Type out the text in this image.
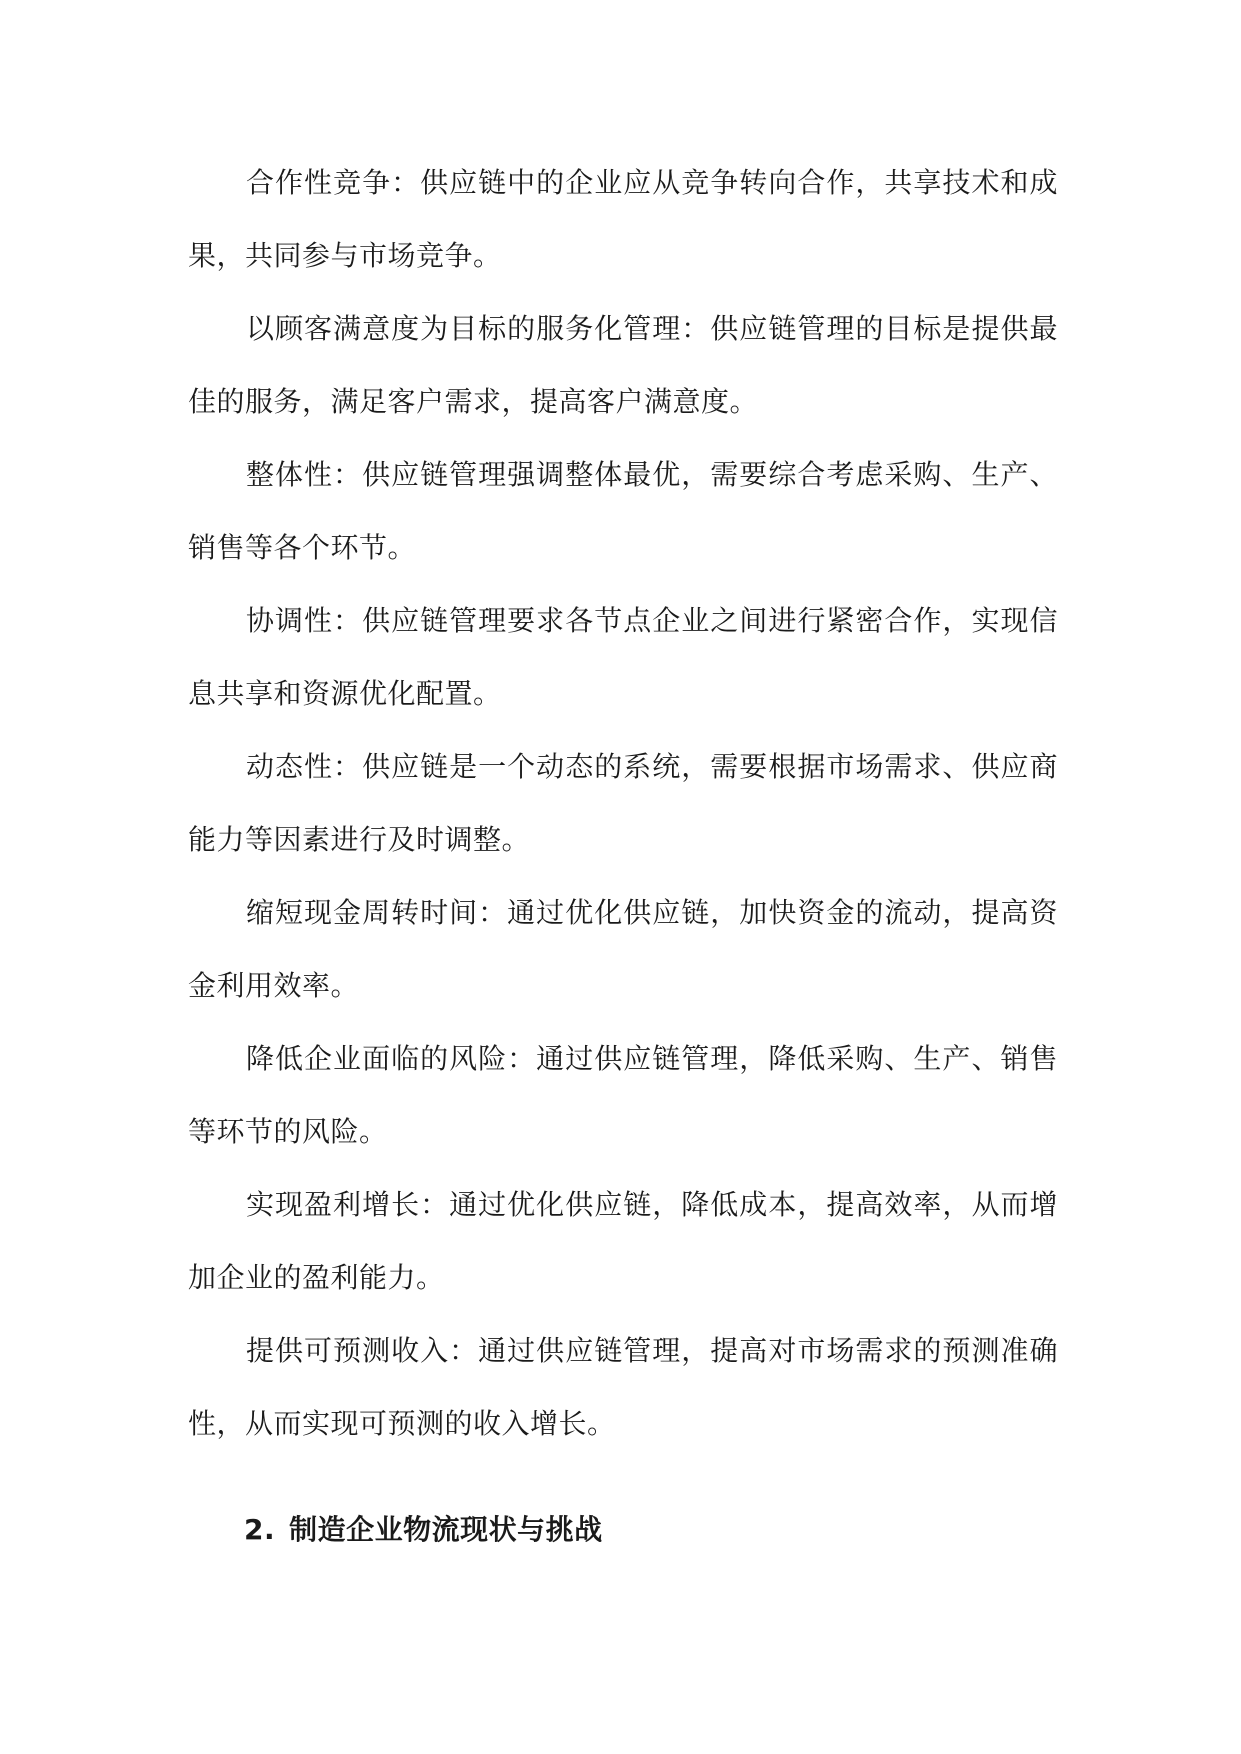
合作性竞争：供应链中的企业应从竞争转向合作，共享技术和成果，共同参与市场竞争。

以顾客满意度为目标的服务化管理：供应链管理的目标是提供最佳的服务，满足客户需求，提高客户满意度。

整体性：供应链管理强调整体最优，需要综合考虑采购、生产、销售等各个环节。

协调性：供应链管理要求各节点企业之间进行紧密合作，实现信息共享和资源优化配置。

动态性：供应链是一个动态的系统，需要根据市场需求、供应商能力等因素进行及时调整。

缩短现金周转时间：通过优化供应链，加快资金的流动，提高资金利用效率。

降低企业面临的风险：通过供应链管理，降低采购、生产、销售等环节的风险。

实现盈利增长：通过优化供应链，降低成本，提高效率，从而增加企业的盈利能力。

提供可预测收入：通过供应链管理，提高对市场需求的预测准确性，从而实现可预测的收入增长。

2. 制造企业物流现状与挑战
